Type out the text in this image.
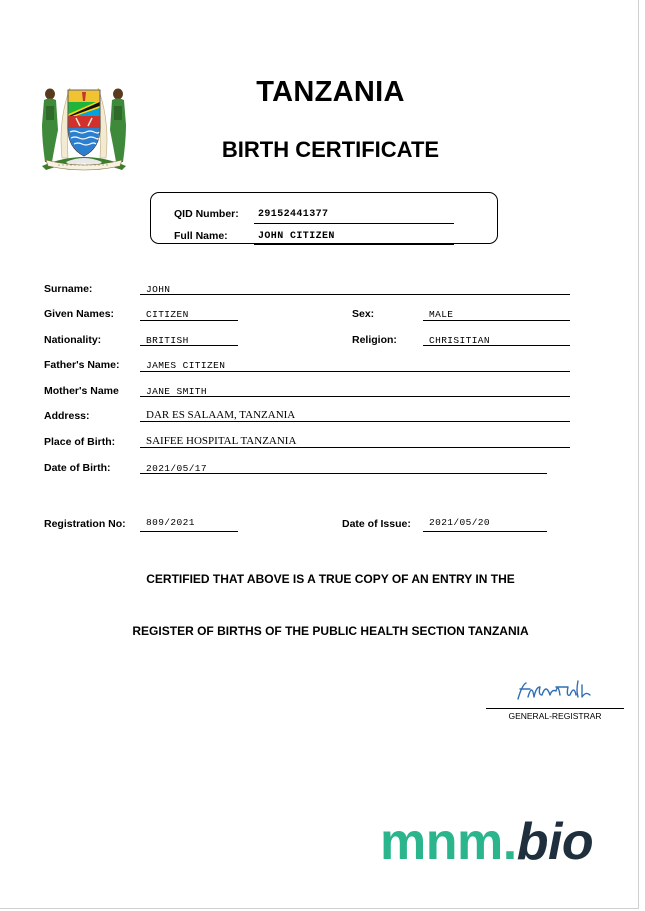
TANZANIA
BIRTH CERTIFICATE
QID Number: 29152441377
Full Name:	JOHN CITIZEN
Surname:	JOHN
Given Names:	CITIZEN	Sex:	MALE
Nationality:	BRITISH	Religion:	CHRISITIAN
Father's Name:	JAMES CITIZEN
Mother's Name	JANE SMITH
Address:	DAR ES SALAAM, TANZANIA
Place of Birth:	SAIFEE HOSPITAL TANZANIA
Date of Birth:	2021/05/17
Registration No: 809/2021	Date of Issue: 2021/05/20
CERTIFIED THAT ABOVE IS A TRUE COPY OF AN ENTRY IN THE
REGISTER OF BIRTHS OF THE PUBLIC HEALTH SECTION TANZANIA
GENERAL-REGISTRAR
mnm.bio
